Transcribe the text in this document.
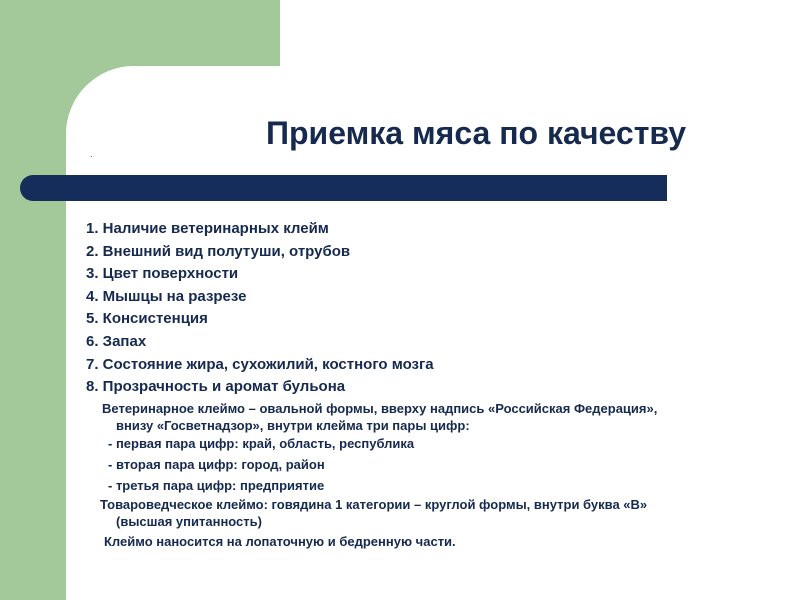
Приемка мяса по качеству
·
1. Наличие ветеринарных клейм
2. Внешний вид полутуши, отрубов
3. Цвет поверхности
4. Мышцы на разрезе
5. Консистенция
6. Запах
7. Состояние жира, сухожилий, костного мозга
8. Прозрачность и аромат бульона
Ветеринарное клеймо – овальной формы, вверху надпись «Российская Федерация»,
внизу «Госветнадзор», внутри клейма три пары цифр:
- первая пара цифр: край, область, республика
- вторая пара цифр: город, район
- третья пара цифр: предприятие
Товароведческое клеймо: говядина 1 категории – круглой формы, внутри буква «В»
(высшая упитанность)
Клеймо наносится на лопаточную и бедренную части.
